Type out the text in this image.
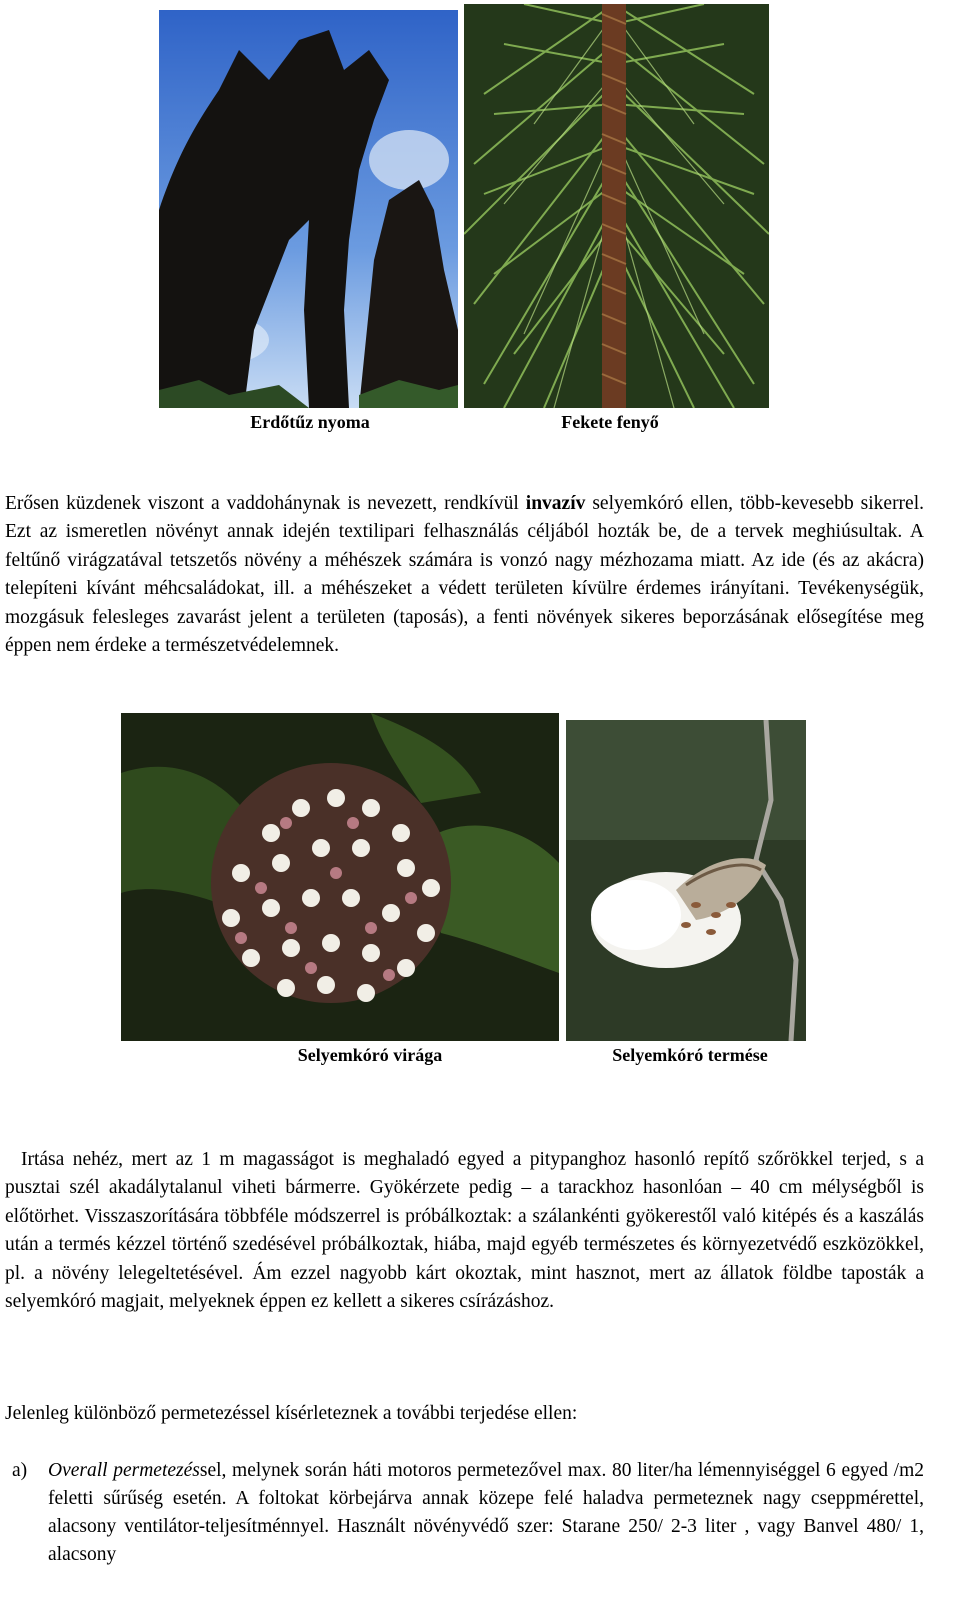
Erdőtűz nyoma	Fekete fenyő

Erősen küzdenek viszont a vaddohánynak is nevezett, rendkívül invazív selyemkóró ellen, több-kevesebb sikerrel. Ezt az ismeretlen növényt annak idején textilipari felhasználás céljából hozták be, de a tervek meghiúsultak. A feltűnő virágzatával tetszetős növény a méhészek számára is vonzó nagy mézhozama miatt. Az ide (és az akácra) telepíteni kívánt méhcsaládokat, ill. a méhészeket a védett területen kívülre érdemes irányítani. Tevékenységük, mozgásuk felesleges zavarást jelent a területen (taposás), a fenti növények sikeres beporzásának elősegítése meg éppen nem érdeke a természetvédelemnek.

Selyemkóró virága	Selyemkóró termése

Irtása nehéz, mert az 1 m magasságot is meghaladó egyed a pitypanghoz hasonló repítő szőrökkel terjed, s a pusztai szél akadálytalanul viheti bármerre. Gyökérzete pedig – a tarackhoz hasonlóan – 40 cm mélységből is előtörhet. Visszaszorítására többféle módszerrel is próbálkoztak: a szálankénti gyökerestől való kitépés és a kaszálás után a termés kézzel történő szedésével próbálkoztak, hiába, majd egyéb természetes és környezetvédő eszközökkel, pl. a növény lelegeltetésével. Ám ezzel nagyobb kárt okoztak, mint hasznot, mert az állatok földbe taposták a selyemkóró magjait, melyeknek éppen ez kellett a sikeres csírázáshoz.

Jelenleg különböző permetezéssel kísérleteznek a további terjedése ellen:

a) Overall permetezéssel, melynek során háti motoros permetezővel max. 80 liter/ha lémennyiséggel 6 egyed /m2 feletti sűrűség esetén. A foltokat körbejárva annak közepe felé haladva permeteznek nagy cseppmérettel, alacsony ventilátor-teljesítménnyel. Használt növényvédő szer: Starane 250/ 2-3 liter , vagy Banvel 480/ 1, alacsony
